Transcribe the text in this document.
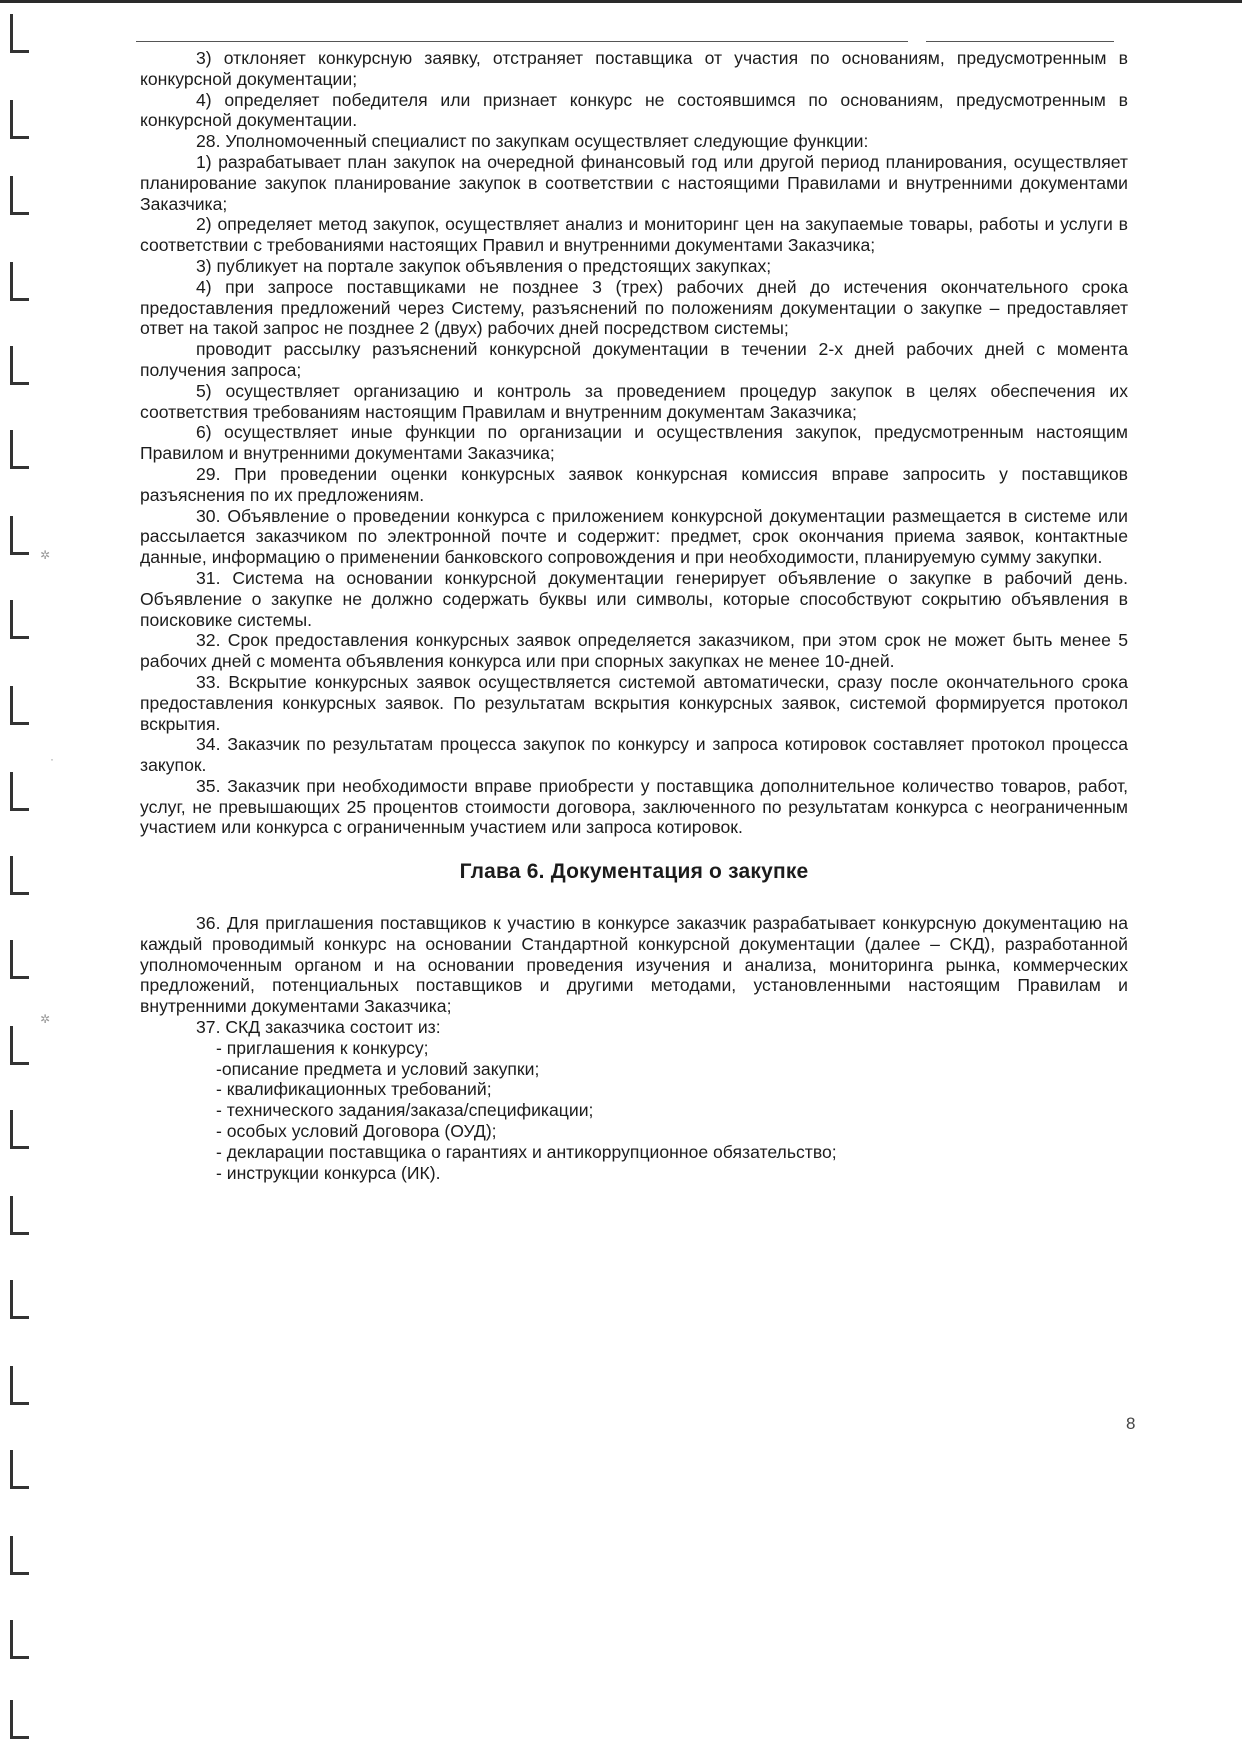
✲
·
✲

3) отклоняет конкурсную заявку, отстраняет поставщика от участия по основаниям, предусмотренным в конкурсной документации;

4) определяет победителя или признает конкурс не состоявшимся по основаниям, предусмотренным в конкурсной документации.

28. Уполномоченный специалист по закупкам осуществляет следующие функции:

1) разрабатывает план закупок на очередной финансовый год или другой период планирования, осуществляет планирование закупок планирование закупок в соответствии с настоящими Правилами и внутренними документами Заказчика;

2) определяет метод закупок, осуществляет анализ и мониторинг цен на закупаемые товары, работы и услуги в соответствии с требованиями настоящих Правил и внутренними документами Заказчика;

3) публикует на портале закупок объявления о предстоящих закупках;

4) при запросе поставщиками не позднее 3 (трех) рабочих дней до истечения окончательного срока предоставления предложений через Систему, разъяснений по положениям документации о закупке – предоставляет ответ на такой запрос не позднее 2 (двух) рабочих дней посредством системы;

проводит рассылку разъяснений конкурсной документации в течении 2-х дней рабочих дней с момента получения запроса;

5) осуществляет организацию и контроль за проведением процедур закупок в целях обеспечения их соответствия требованиям настоящим Правилам и внутренним документам Заказчика;

6) осуществляет иные функции по организации и осуществления закупок, предусмотренным настоящим Правилом и внутренними документами Заказчика;

29. При проведении оценки конкурсных заявок конкурсная комиссия вправе запросить у поставщиков разъяснения по их предложениям.

30. Объявление о проведении конкурса с приложением конкурсной документации размещается в системе или рассылается заказчиком по электронной почте и содержит: предмет, срок окончания приема заявок, контактные данные, информацию о применении банковского сопровождения и при необходимости, планируемую сумму закупки.

31. Система на основании конкурсной документации генерирует объявление о закупке в рабочий день. Объявление о закупке не должно содержать буквы или символы, которые способствуют сокрытию объявления в поисковике системы.

32. Срок предоставления конкурсных заявок определяется заказчиком, при этом срок не может быть менее 5 рабочих дней с момента объявления конкурса или при спорных закупках не менее 10-дней.

33. Вскрытие конкурсных заявок осуществляется системой автоматически, сразу после окончательного срока предоставления конкурсных заявок. По результатам вскрытия конкурсных заявок, системой формируется протокол вскрытия.

34. Заказчик по результатам процесса закупок по конкурсу и запроса котировок составляет протокол процесса закупок.

35. Заказчик при необходимости вправе приобрести у поставщика дополнительное количество товаров, работ, услуг, не превышающих 25 процентов стоимости договора, заключенного по результатам конкурса с неограниченным участием или конкурса с ограниченным участием или запроса котировок.

Глава 6. Документация о закупке

36. Для приглашения поставщиков к участию в конкурсе заказчик разрабатывает конкурсную документацию на каждый проводимый конкурс на основании Стандартной конкурсной документации (далее – СКД), разработанной уполномоченным органом и на основании проведения изучения и анализа, мониторинга рынка, коммерческих предложений, потенциальных поставщиков и другими методами, установленными настоящим Правилам и внутренними документами Заказчика;

37. СКД заказчика состоит из:

- приглашения к конкурсу;

-описание предмета и условий закупки;

- квалификационных требований;

- технического задания/заказа/спецификации;

- особых условий Договора (ОУД);

- декларации поставщика о гарантиях и антикоррупционное обязательство;

- инструкции конкурса (ИК).

8
